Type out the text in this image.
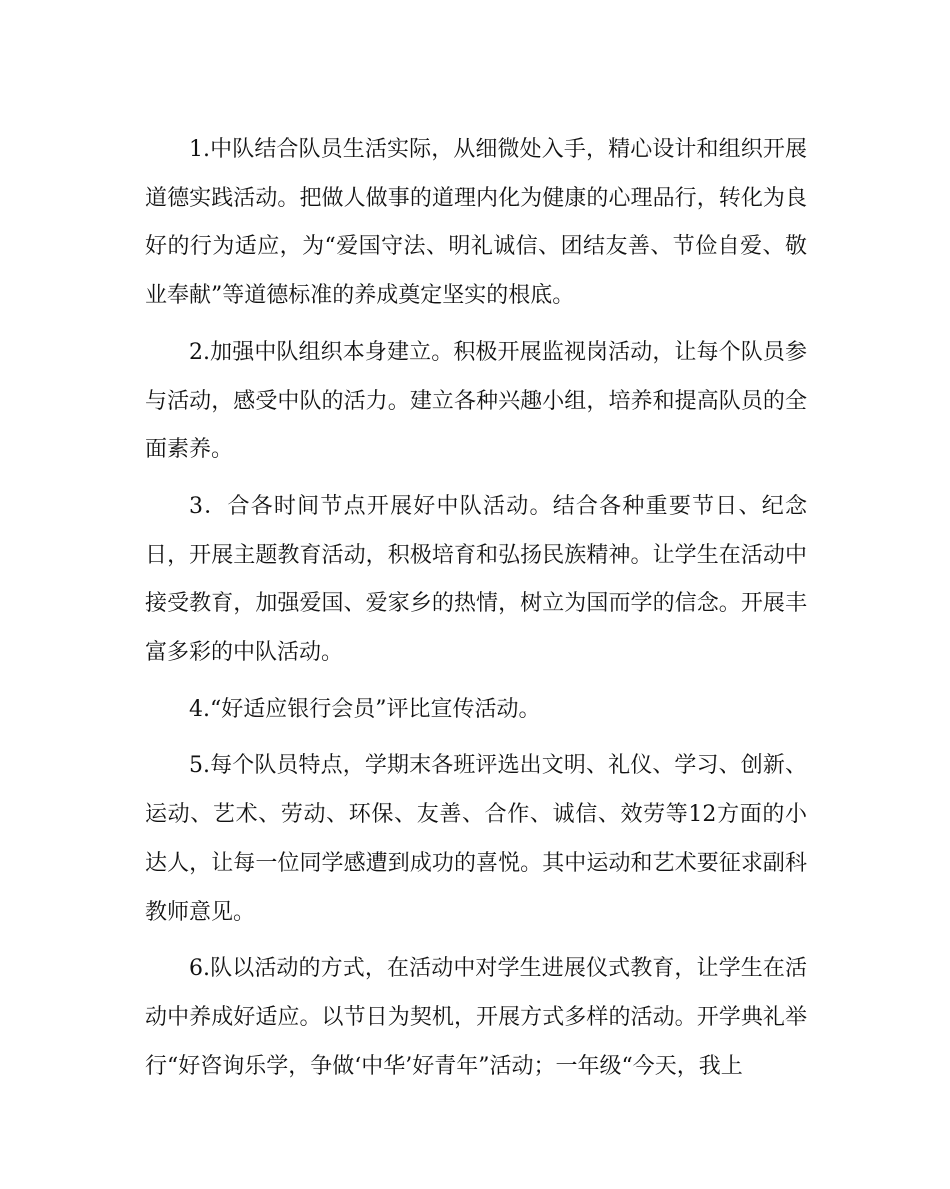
1.中队结合队员生活实际，从细微处入手，精心设计和组织开展道德实践活动。把做人做事的道理内化为健康的心理品行，转化为良好的行为适应，为“爱国守法、明礼诚信、团结友善、节俭自爱、敬业奉献”等道德标准的养成奠定坚实的根底。

2.加强中队组织本身建立。积极开展监视岗活动，让每个队员参与活动，感受中队的活力。建立各种兴趣小组，培养和提高队员的全面素养。

3．合各时间节点开展好中队活动。结合各种重要节日、纪念日，开展主题教育活动，积极培育和弘扬民族精神。让学生在活动中接受教育，加强爱国、爱家乡的热情，树立为国而学的信念。开展丰富多彩的中队活动。

4.“好适应银行会员”评比宣传活动。

5.每个队员特点，学期末各班评选出文明、礼仪、学习、创新、运动、艺术、劳动、环保、友善、合作、诚信、效劳等12方面的小达人，让每一位同学感遭到成功的喜悦。其中运动和艺术要征求副科教师意见。

6.队以活动的方式，在活动中对学生进展仪式教育，让学生在活动中养成好适应。以节日为契机，开展方式多样的活动。开学典礼举行“好咨询乐学，争做‘中华’好青年”活动；一年级“今天，我上
